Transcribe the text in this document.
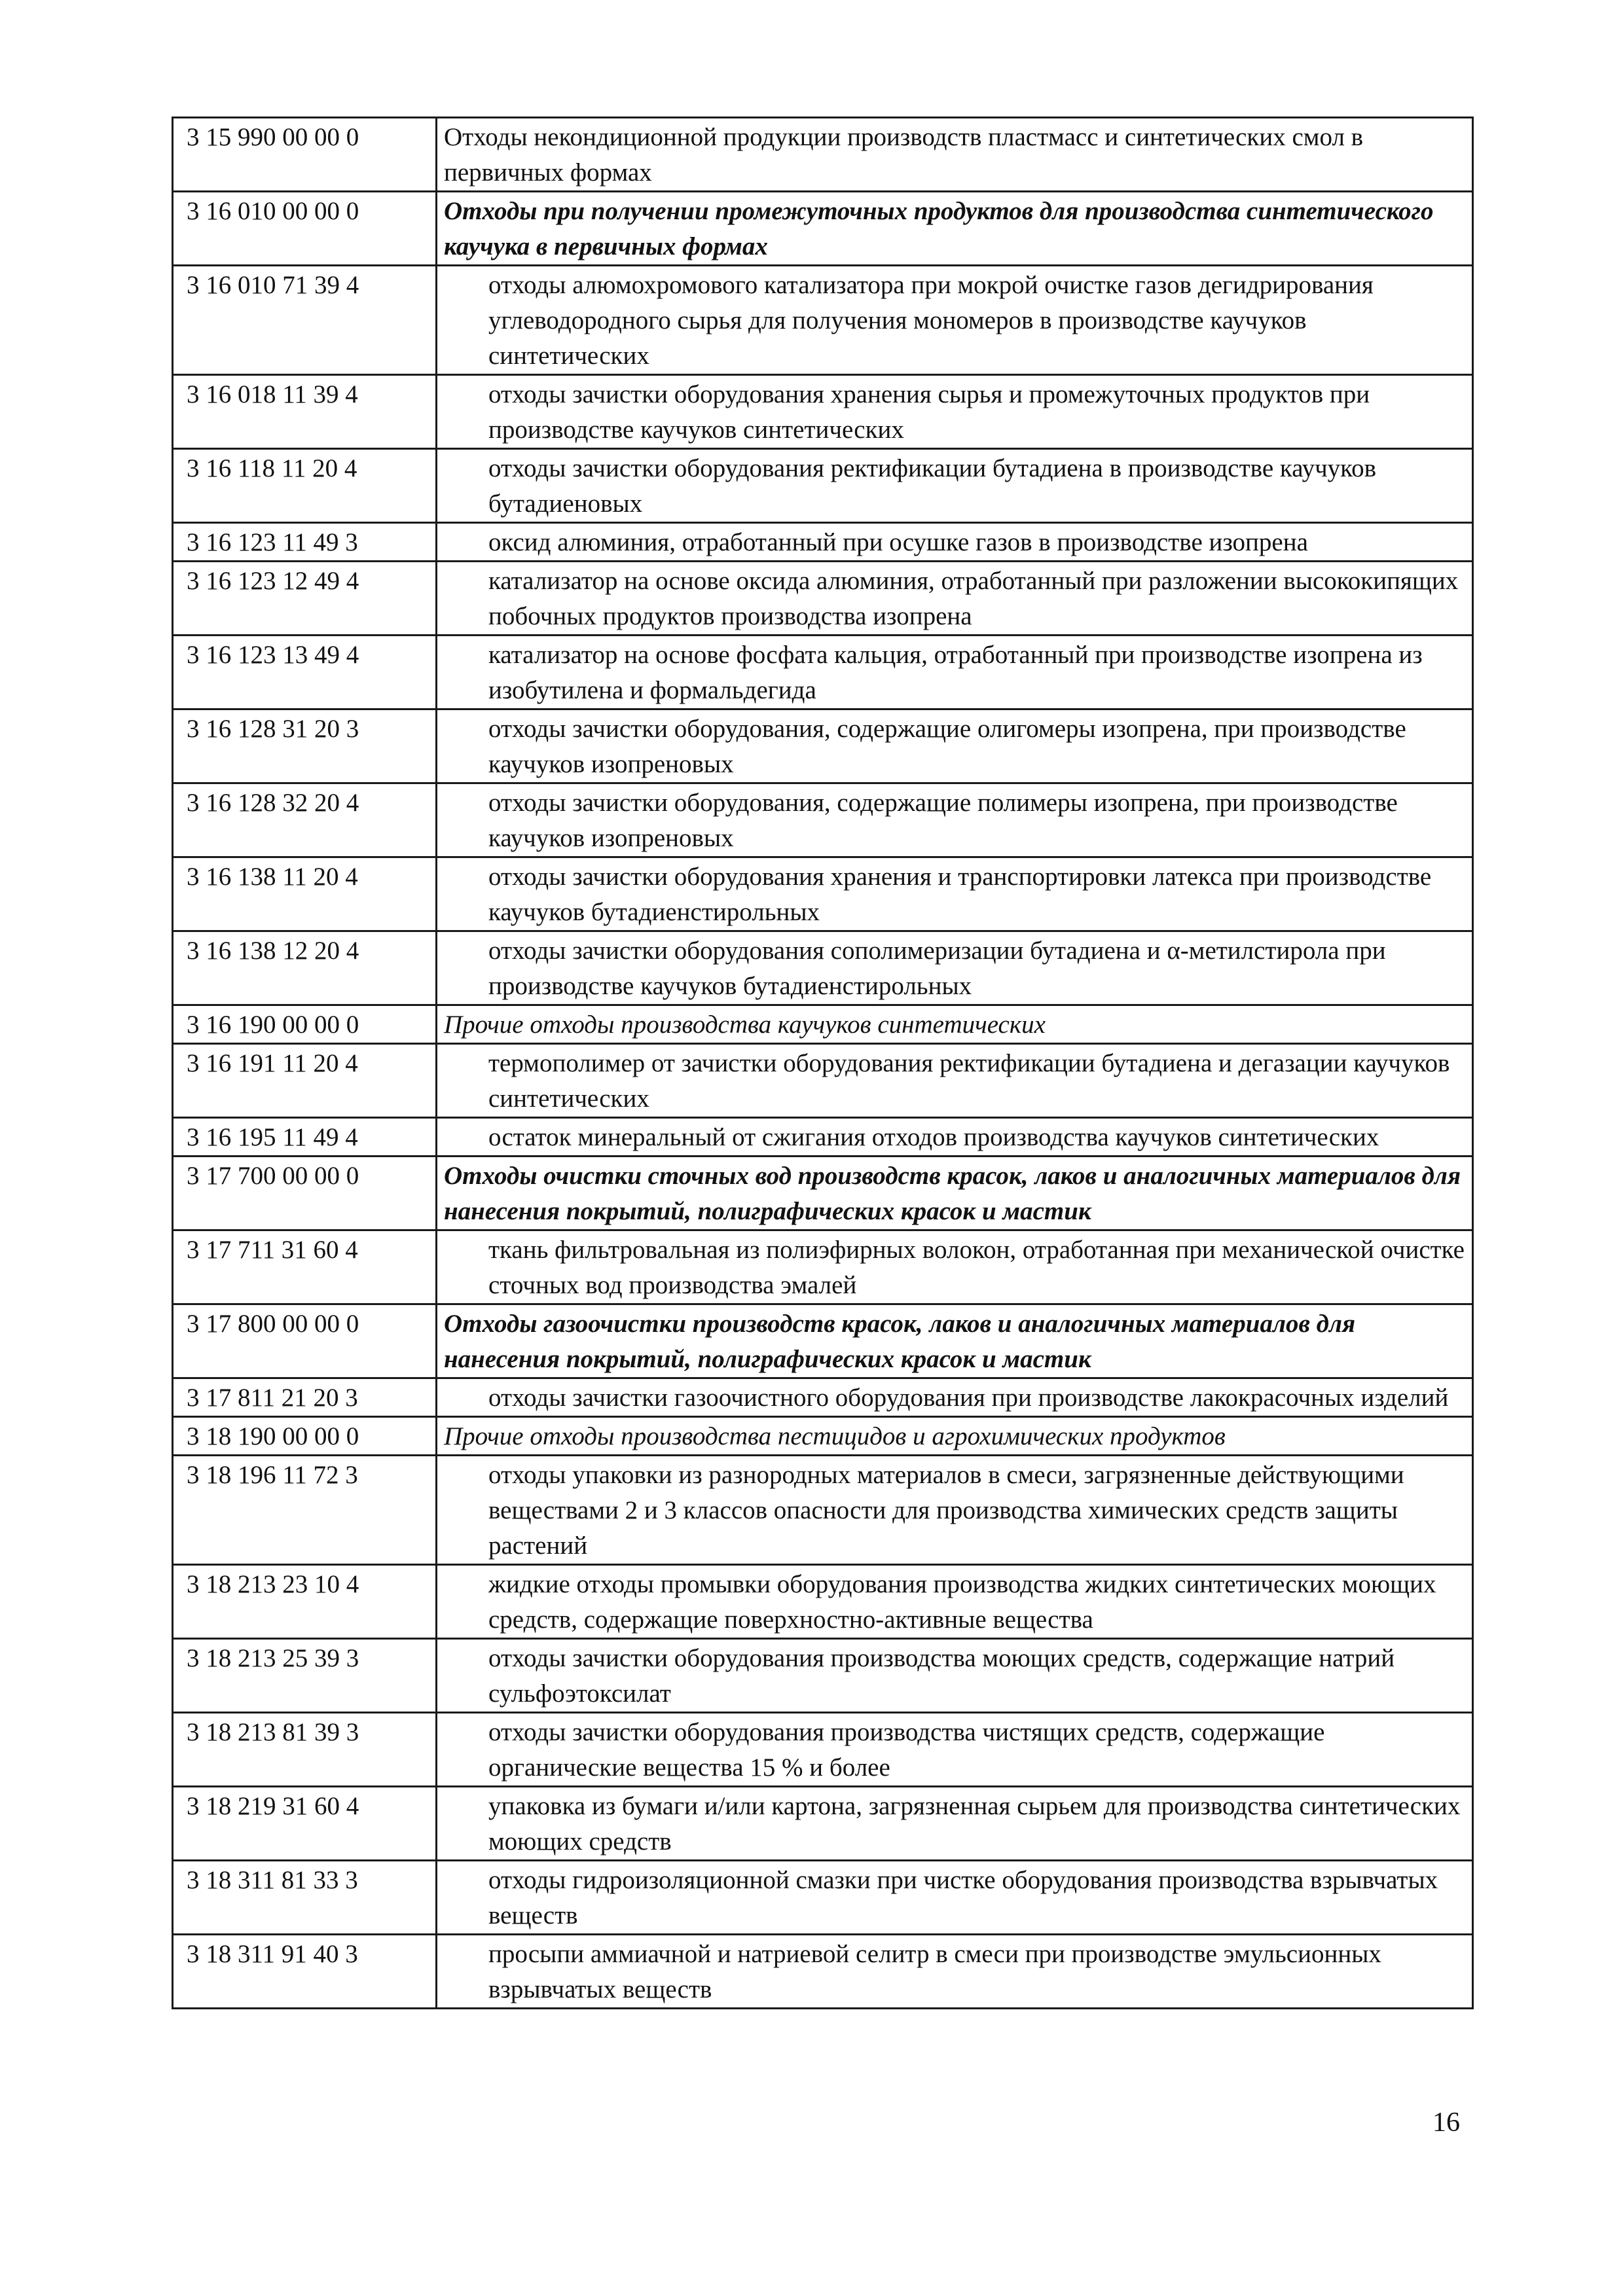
3 15 990 00 00 0	Отходы некондиционной продукции производств пластмасс и синтетических смол в первичных формах
3 16 010 00 00 0	Отходы при получении промежуточных продуктов для производства синтетического каучука в первичных формах
3 16 010 71 39 4	отходы алюмохромового катализатора при мокрой очистке газов дегидрирования углеводородного сырья для получения мономеров в производстве каучуков синтетических
3 16 018 11 39 4	отходы зачистки оборудования хранения сырья и промежуточных продуктов при производстве каучуков синтетических
3 16 118 11 20 4	отходы зачистки оборудования ректификации бутадиена в производстве каучуков бутадиеновых
3 16 123 11 49 3	оксид алюминия, отработанный при осушке газов в производстве изопрена
3 16 123 12 49 4	катализатор на основе оксида алюминия, отработанный при разложении высококипящих побочных продуктов производства изопрена
3 16 123 13 49 4	катализатор на основе фосфата кальция, отработанный при производстве изопрена из изобутилена и формальдегида
3 16 128 31 20 3	отходы зачистки оборудования, содержащие олигомеры изопрена, при производстве каучуков изопреновых
3 16 128 32 20 4	отходы зачистки оборудования, содержащие полимеры изопрена, при производстве каучуков изопреновых
3 16 138 11 20 4	отходы зачистки оборудования хранения и транспортировки латекса при производстве каучуков бутадиенстирольных
3 16 138 12 20 4	отходы зачистки оборудования сополимеризации бутадиена и α-метилстирола при производстве каучуков бутадиенстирольных
3 16 190 00 00 0	Прочие отходы производства каучуков синтетических
3 16 191 11 20 4	термополимер от зачистки оборудования ректификации бутадиена и дегазации каучуков синтетических
3 16 195 11 49 4	остаток минеральный от сжигания отходов производства каучуков синтетических
3 17 700 00 00 0	Отходы очистки сточных вод производств красок, лаков и аналогичных материалов для нанесения покрытий, полиграфических красок и мастик
3 17 711 31 60 4	ткань фильтровальная из полиэфирных волокон, отработанная при механической очистке сточных вод производства эмалей
3 17 800 00 00 0	Отходы газоочистки производств красок, лаков и аналогичных материалов для нанесения покрытий, полиграфических красок и мастик
3 17 811 21 20 3	отходы зачистки газоочистного оборудования при производстве лакокрасочных изделий
3 18 190 00 00 0	Прочие отходы производства пестицидов и агрохимических продуктов
3 18 196 11 72 3	отходы упаковки из разнородных материалов в смеси, загрязненные действующими веществами 2 и 3 классов опасности для производства химических средств защиты растений
3 18 213 23 10 4	жидкие отходы промывки оборудования производства жидких синтетических моющих средств, содержащие поверхностно-активные вещества
3 18 213 25 39 3	отходы зачистки оборудования производства моющих средств, содержащие натрий сульфоэтоксилат
3 18 213 81 39 3	отходы зачистки оборудования производства чистящих средств, содержащие органические вещества 15 % и более
3 18 219 31 60 4	упаковка из бумаги и/или картона, загрязненная сырьем для производства синтетических моющих средств
3 18 311 81 33 3	отходы гидроизоляционной смазки при чистке оборудования производства взрывчатых веществ
3 18 311 91 40 3	просыпи аммиачной и натриевой селитр в смеси при производстве эмульсионных взрывчатых веществ
16
